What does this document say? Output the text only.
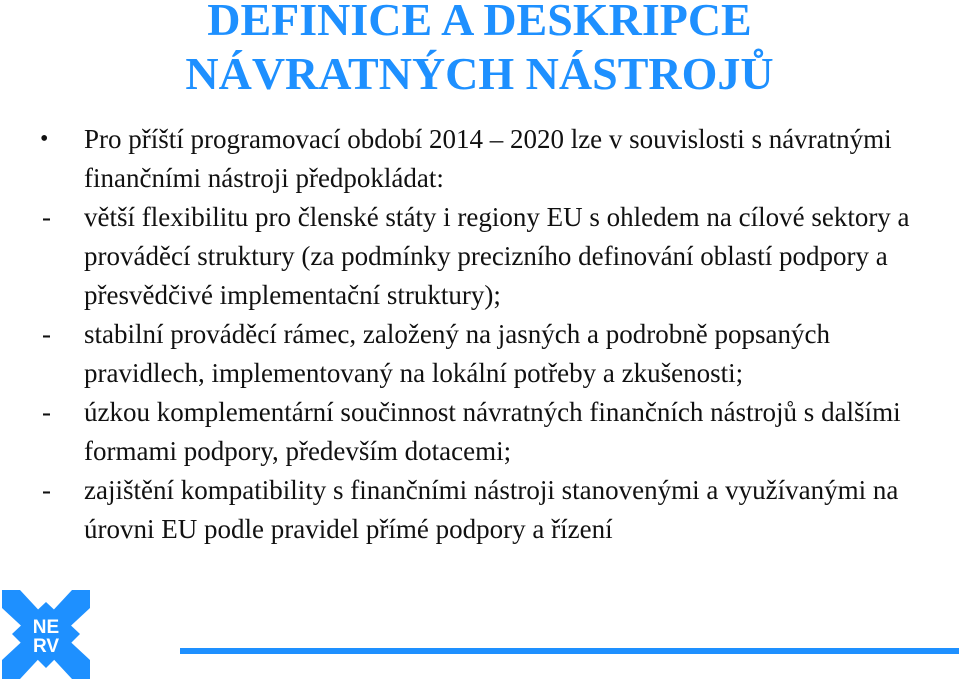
DEFINICE A DESKRIPCE
NÁVRATNÝCH NÁSTROJŮ

•	Pro příští programovací období 2014 – 2020 lze v souvislosti s návratnými finančními nástroji předpokládat:

-	větší flexibilitu pro členské státy i regiony EU s ohledem na cílové sektory a prováděcí struktury (za podmínky precizního definování oblastí podpory a přesvědčivé implementační struktury);

-	stabilní prováděcí rámec, založený na jasných a podrobně popsaných pravidlech, implementovaný na lokální potřeby a zkušenosti;

-	úzkou komplementární součinnost návratných finančních nástrojů s dalšími formami podpory, především dotacemi;

-	zajištění kompatibility s finančními nástroji stanovenými a využívanými na úrovni EU podle pravidel přímé podpory a řízení

NE
RV
